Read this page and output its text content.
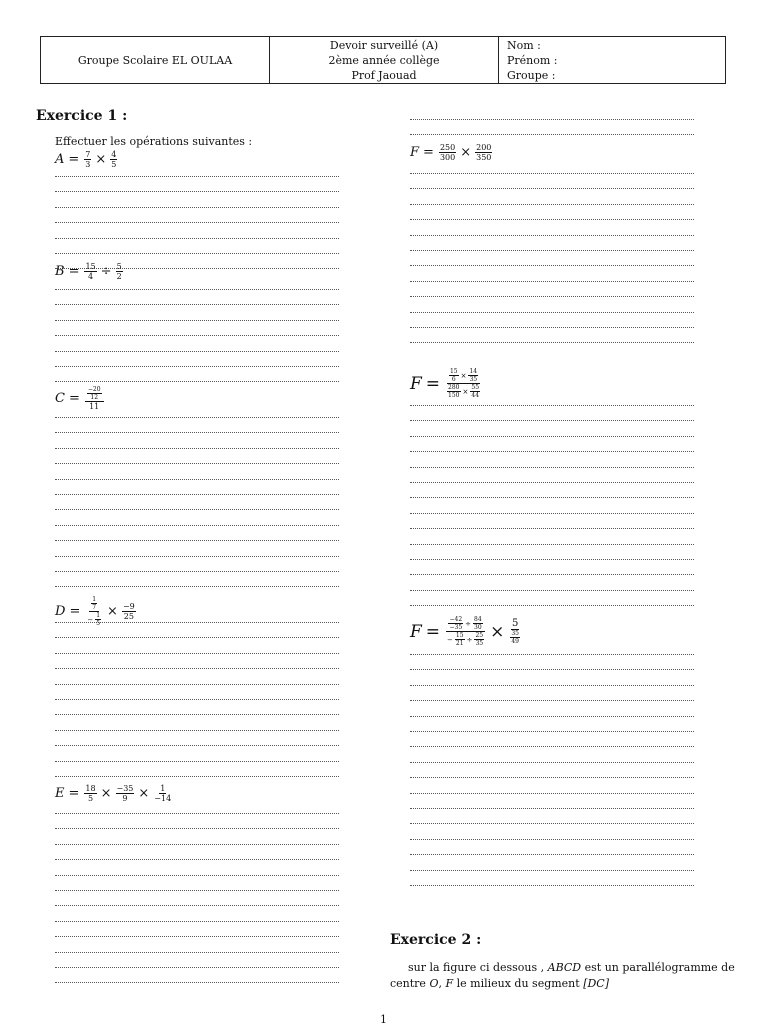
Groupe Scolaire EL OULAA
Devoir surveillé (A)
2ème année collège
Prof Jaouad
Nom :
Prénom :
Groupe :
Exercice 1 :
Effectuer les opérations suivantes :
$A = \frac{7}{3} \times \frac{4}{5}$
$B = \frac{15}{4} \div \frac{5}{2}$
$C = \frac{\frac{-20}{12}}{11}$
$D = \frac{\frac{1}{7}}{- \frac{1}{5}} \times \frac{-9}{25}$
$E = \frac{18}{5} \times \frac{-35}{9} \times \frac{1}{-14}$
$F = \frac{250}{300} \times \frac{200}{350}$
$F = \frac{\frac{15}{6} \times \frac{14}{35}}{\frac{280}{150} \times \frac{55}{44}}$
$F = \frac{\frac{-42}{-35} \div \frac{84}{30}}{- \frac{15}{21} \div \frac{25}{35}} \times \frac{5}{\frac{35}{49}}$
Exercice 2 :
sur la figure ci dessous , ABCD est un parallélogramme de
centre O, F le milieux du segment [DC]
1
